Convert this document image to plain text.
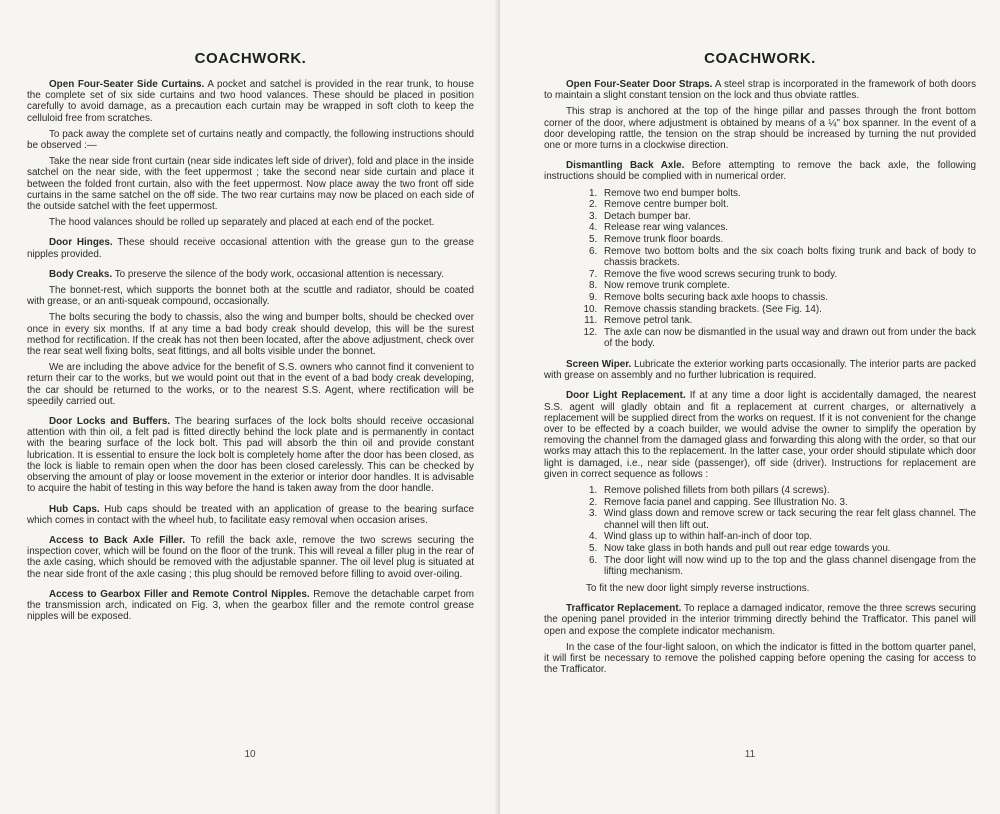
COACHWORK.

Open Four-Seater Side Curtains. A pocket and satchel is provided in the rear trunk, to house the complete set of six side curtains and two hood valances. These should be placed in position carefully to avoid damage, as a precaution each curtain may be wrapped in soft cloth to keep the celluloid free from scratches.

To pack away the complete set of curtains neatly and compactly, the following instructions should be observed :—

Take the near side front curtain (near side indicates left side of driver), fold and place in the inside satchel on the near side, with the feet uppermost ; take the second near side curtain and place it between the folded front curtain, also with the feet uppermost. Now place away the two front off side curtains in the same satchel on the off side. The two rear curtains may now be placed on each side of the outside satchel with the feet uppermost.

The hood valances should be rolled up separately and placed at each end of the pocket.

Door Hinges. These should receive occasional attention with the grease gun to the grease nipples provided.

Body Creaks. To preserve the silence of the body work, occasional attention is necessary.

The bonnet-rest, which supports the bonnet both at the scuttle and radiator, should be coated with grease, or an anti-squeak compound, occasionally.

The bolts securing the body to chassis, also the wing and bumper bolts, should be checked over once in every six months. If at any time a bad body creak should develop, this will be the surest method for rectification. If the creak has not then been located, after the above adjustment, check over the rear seat well fixing bolts, seat fittings, and all bolts visible under the bonnet.

We are including the above advice for the benefit of S.S. owners who cannot find it convenient to return their car to the works, but we would point out that in the event of a bad body creak developing, the car should be returned to the works, or to the nearest S.S. Agent, where rectification will be speedily carried out.

Door Locks and Buffers. The bearing surfaces of the lock bolts should receive occasional attention with thin oil, a felt pad is fitted directly behind the lock plate and is permanently in contact with the bearing surface of the lock bolt. This pad will absorb the thin oil and provide constant lubrication. It is essential to ensure the lock bolt is completely home after the door has been closed, as the lock is liable to remain open when the door has been closed carelessly. This can be checked by observing the amount of play or loose movement in the exterior or interior door handles. It is advisable to acquire the habit of testing in this way before the hand is taken away from the door handle.

Hub Caps. Hub caps should be treated with an application of grease to the bearing surface which comes in contact with the wheel hub, to facilitate easy removal when occasion arises.

Access to Back Axle Filler. To refill the back axle, remove the two screws securing the inspection cover, which will be found on the floor of the trunk. This will reveal a filler plug in the rear of the axle casing, which should be removed with the adjustable spanner. The oil level plug is situated at the near side front of the axle casing ; this plug should be removed before filling to avoid over-oiling.

Access to Gearbox Filler and Remote Control Nipples. Remove the detachable carpet from the transmission arch, indicated on Fig. 3, when the gearbox filler and the remote control grease nipples will be exposed.

10
COACHWORK.

Open Four-Seater Door Straps. A steel strap is incorporated in the framework of both doors to maintain a slight constant tension on the lock and thus obviate rattles.

This strap is anchored at the top of the hinge pillar and passes through the front bottom corner of the door, where adjustment is obtained by means of a ¼" box spanner. In the event of a door developing rattle, the tension on the strap should be increased by turning the nut provided one or more turns in a clockwise direction.

Dismantling Back Axle. Before attempting to remove the back axle, the following instructions should be complied with in numerical order.

1. Remove two end bumper bolts.
2. Remove centre bumper bolt.
3. Detach bumper bar.
4. Release rear wing valances.
5. Remove trunk floor boards.
6. Remove two bottom bolts and the six coach bolts fixing trunk and back of body to chassis brackets.
7. Remove the five wood screws securing trunk to body.
8. Now remove trunk complete.
9. Remove bolts securing back axle hoops to chassis.
10. Remove chassis standing brackets. (See Fig. 14).
11. Remove petrol tank.
12. The axle can now be dismantled in the usual way and drawn out from under the back of the body.

Screen Wiper. Lubricate the exterior working parts occasionally. The interior parts are packed with grease on assembly and no further lubrication is required.

Door Light Replacement. If at any time a door light is accidentally damaged, the nearest S.S. agent will gladly obtain and fit a replacement at current charges, or alternatively a replacement will be supplied direct from the works on request. If it is not convenient for the change over to be effected by a coach builder, we would advise the owner to simplify the operation by removing the channel from the damaged glass and forwarding this along with the order, so that our works may attach this to the replacement. In the latter case, your order should stipulate which door light is damaged, i.e., near side (passenger), off side (driver). Instructions for replacement are given in correct sequence as follows :

1. Remove polished fillets from both pillars (4 screws).
2. Remove facia panel and capping. See Illustration No. 3.
3. Wind glass down and remove screw or tack securing the rear felt glass channel. The channel will then lift out.
4. Wind glass up to within half-an-inch of door top.
5. Now take glass in both hands and pull out rear edge towards you.
6. The door light will now wind up to the top and the glass channel disengage from the lifting mechanism.
To fit the new door light simply reverse instructions.

Trafficator Replacement. To replace a damaged indicator, remove the three screws securing the opening panel provided in the interior trimming directly behind the Trafficator. This panel will open and expose the complete indicator mechanism.

In the case of the four-light saloon, on which the indicator is fitted in the bottom quarter panel, it will first be necessary to remove the polished capping before opening the casing for access to the Trafficator.

11
